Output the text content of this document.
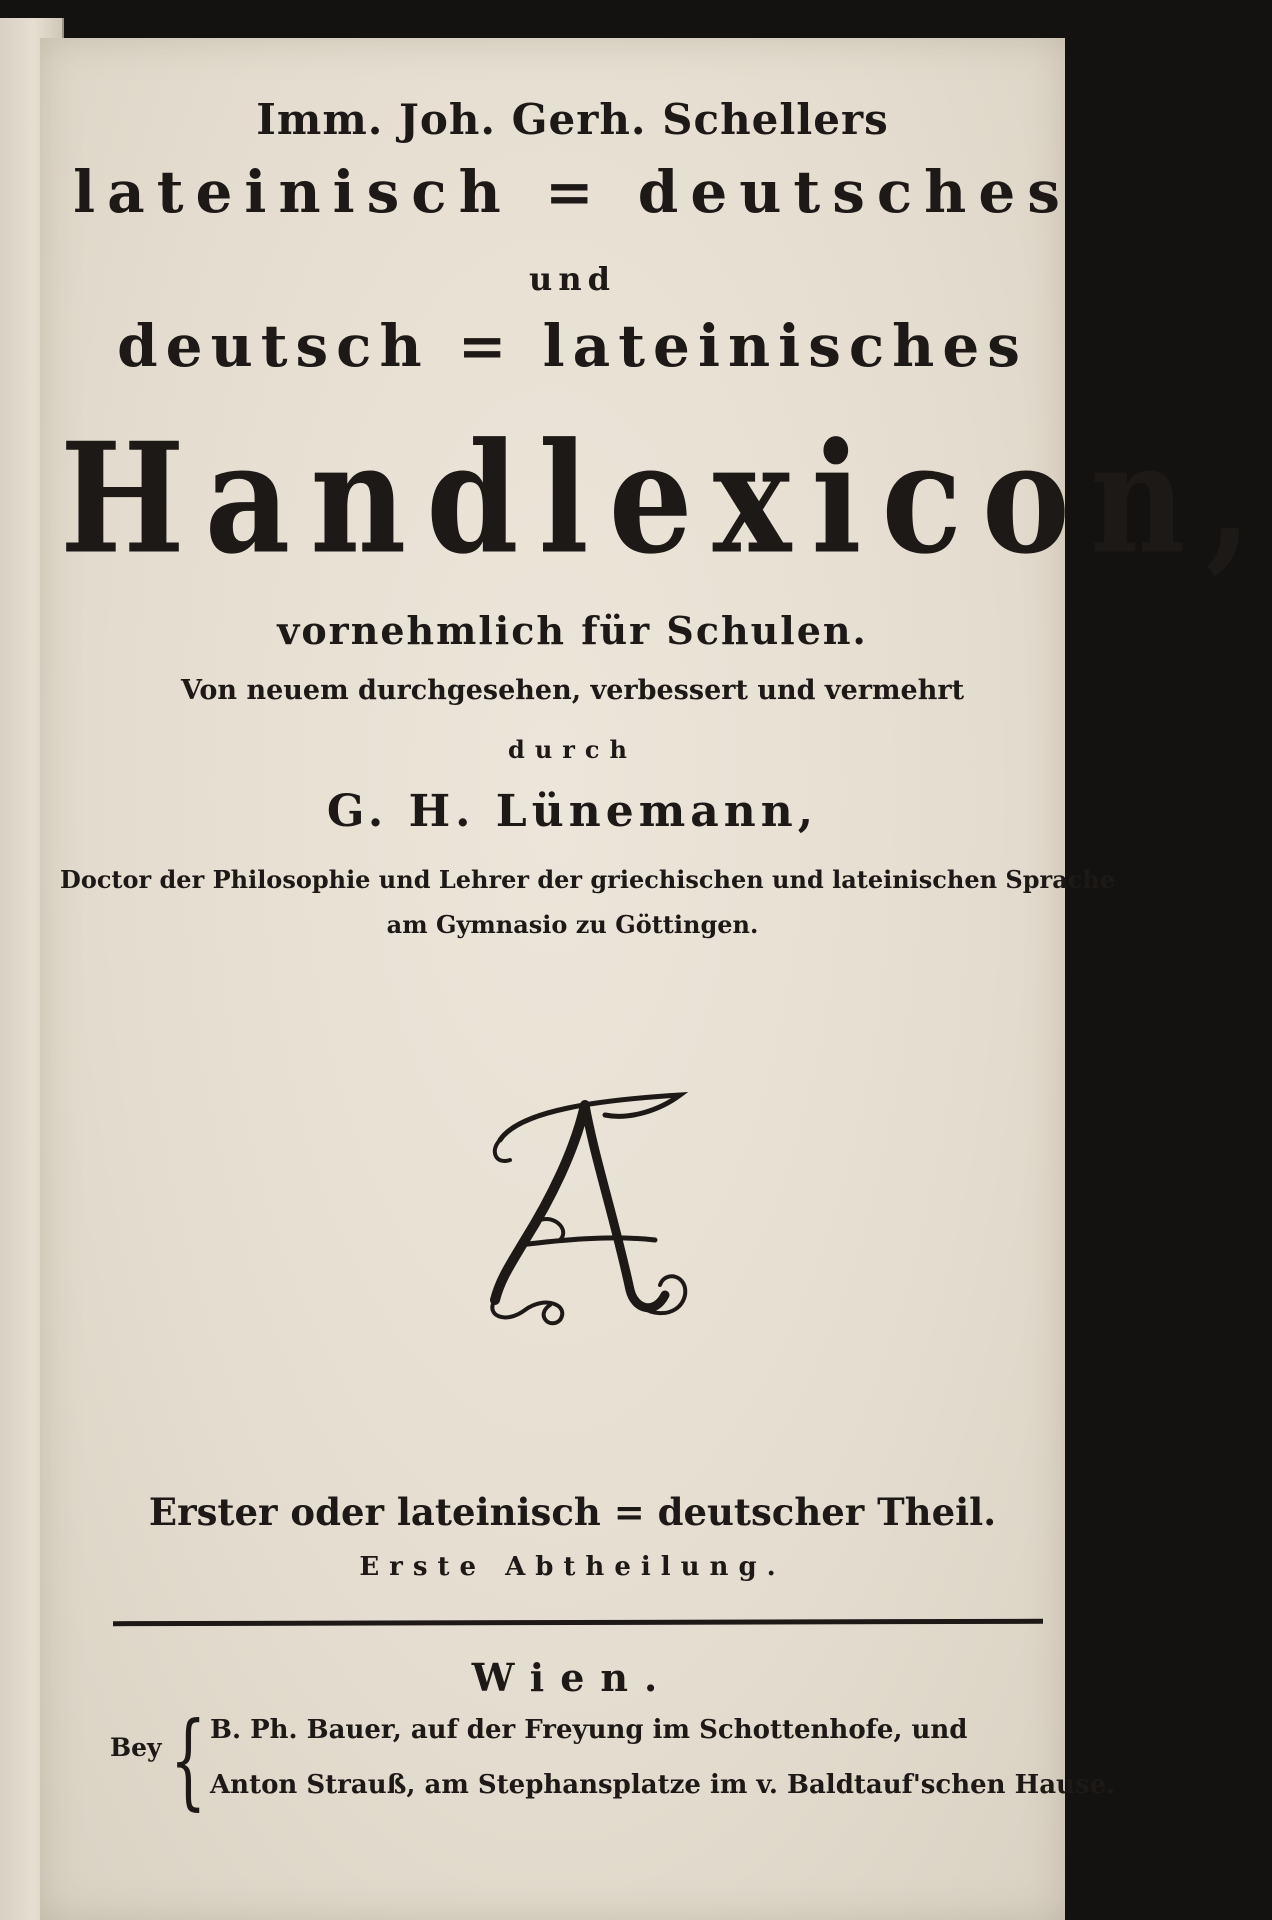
Imm. Joh. Gerh. Schellers
lateinisch = deutsches
und
deutsch = lateinisches
Handlexicon,
vornehmlich für Schulen.
Von neuem durchgesehen, verbessert und vermehrt
durch
G. H. Lünemann,
Doctor der Philosophie und Lehrer der griechischen und lateinischen Sprache
am Gymnasio zu Göttingen.
Erster oder lateinisch = deutscher Theil.
Erste Abtheilung.
Wien.
Bey { B. Ph. Bauer, auf der Freyung im Schottenhofe, und
Anton Strauß, am Stephansplatze im v. Baldtauf'schen Hause.
